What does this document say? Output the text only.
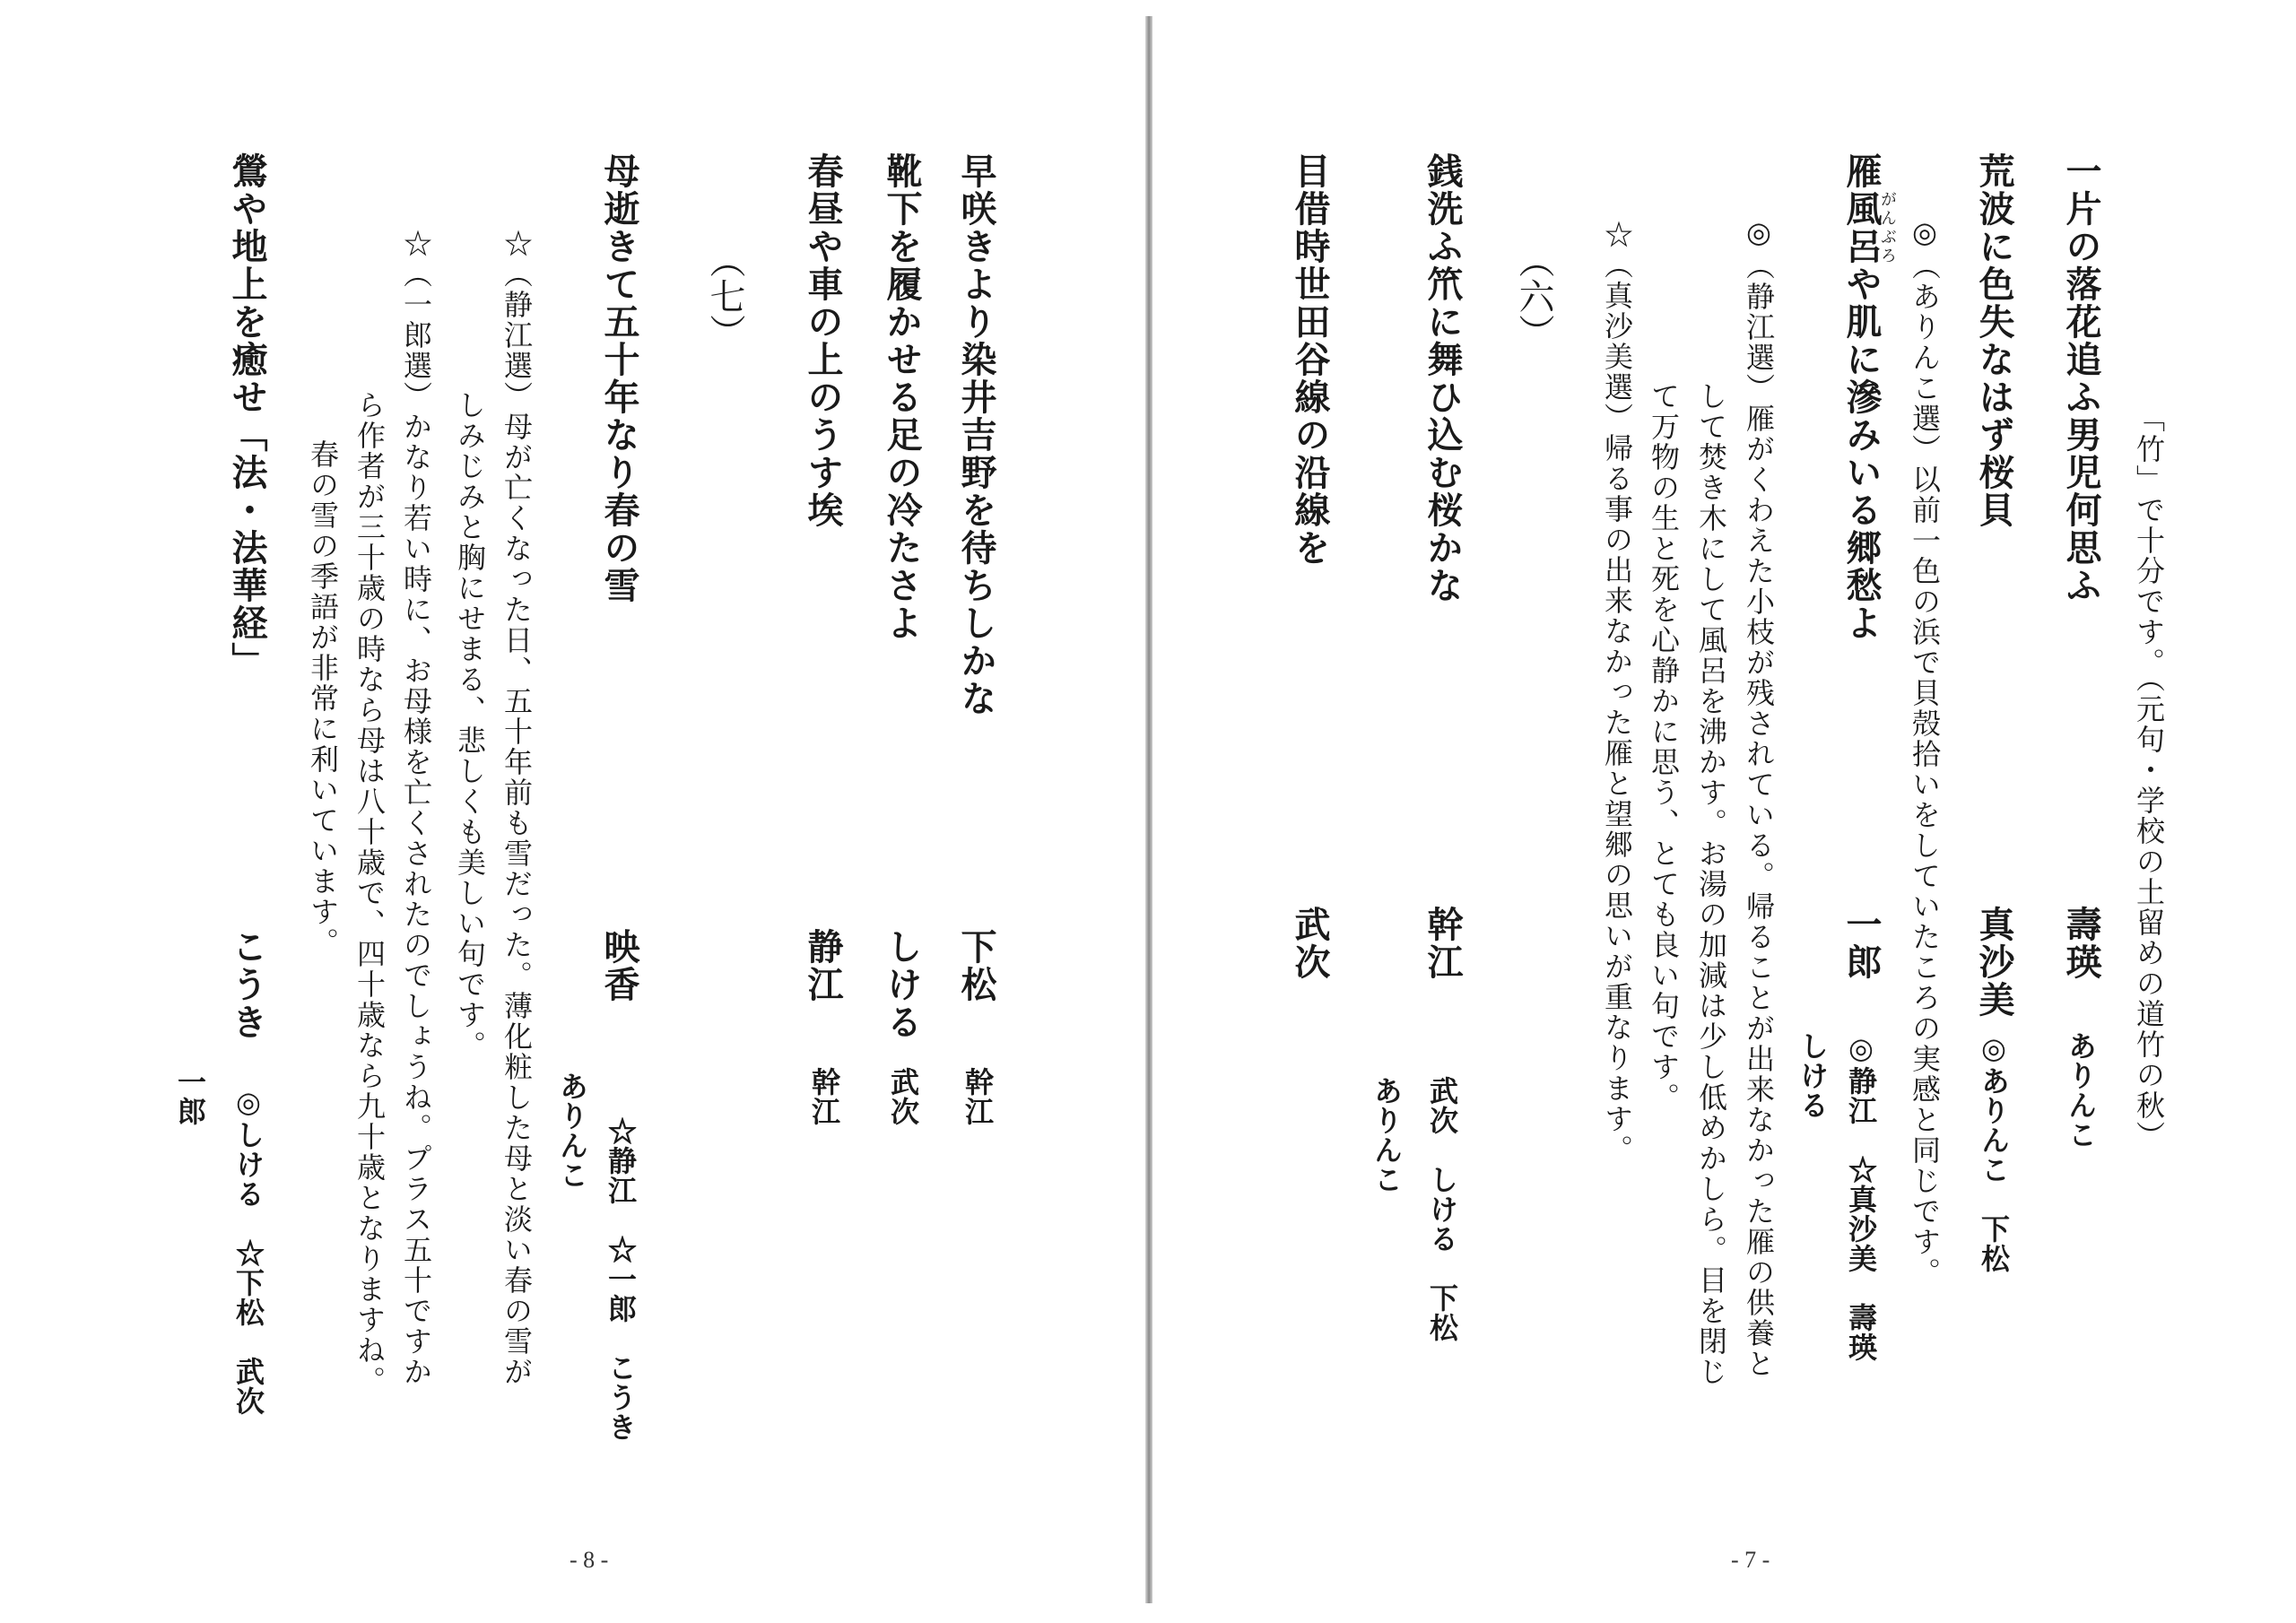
「竹」で十分です。（元句・学校の土留めの道竹の秋）
一片の落花追ふ男児何思ふ
壽瑛
ありんこ
荒波に色失なはず桜貝
真沙美
◎ありんこ　下松
◎（ありんこ選）以前一色の浜で貝殻拾いをしていたころの実感と同じです。
雁風呂がんぶろや肌に滲みいる郷愁よ
一郎
◎静江　☆真沙美　壽瑛
しける
◎（静江選）雁がくわえた小枝が残されている。帰ることが出来なかった雁の供養と
して焚き木にして風呂を沸かす。お湯の加減は少し低めかしら。目を閉じ
て万物の生と死を心静かに思う、とても良い句です。
☆（真沙美選）帰る事の出来なかった雁と望郷の思いが重なります。
（六）
銭洗ふ笊に舞ひ込む桜かな
幹江
武次　しける　下松
目借時世田谷線の沿線を
武次
ありんこ
- 7 -
早咲きより染井吉野を待ちしかな
下松
幹江
靴下を履かせる足の冷たさよ
しける
武次
春昼や車の上のうす埃
静江
幹江
（七）
母逝きて五十年なり春の雪
映香
☆静江　☆一郎　こうき
ありんこ
☆（静江選）母が亡くなった日、五十年前も雪だった。薄化粧した母と淡い春の雪が
しみじみと胸にせまる、悲しくも美しい句です。
☆（一郎選）かなり若い時に、お母様を亡くされたのでしょうね。プラス五十ですか
ら作者が三十歳の時なら母は八十歳で、四十歳なら九十歳となりますね。
春の雪の季語が非常に利いています。
鶯や地上を癒せ「法・法華経」
こうき
◎しける　☆下松　武次
一郎
- 8 -
